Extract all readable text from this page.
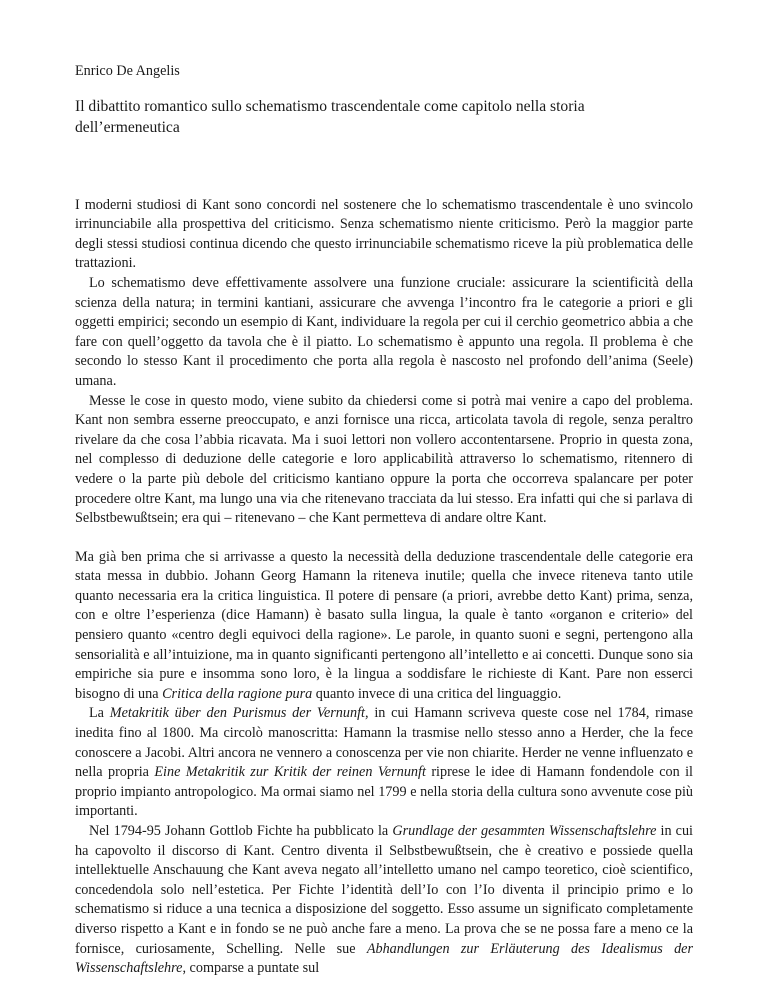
Enrico De Angelis
Il dibattito romantico sullo schematismo trascendentale come capitolo nella storia dell’ermeneutica

I moderni studiosi di Kant sono concordi nel sostenere che lo schematismo trascendentale è uno svincolo irrinunciabile alla prospettiva del criticismo. Senza schematismo niente criticismo. Però la maggior parte degli stessi studiosi continua dicendo che questo irrinunciabile schematismo riceve la più problematica delle trattazioni.

Lo schematismo deve effettivamente assolvere una funzione cruciale: assicurare la scientificità della scienza della natura; in termini kantiani, assicurare che avvenga l’incontro fra le categorie a priori e gli oggetti empirici; secondo un esempio di Kant, individuare la regola per cui il cerchio geometrico abbia a che fare con quell’oggetto da tavola che è il piatto. Lo schematismo è appunto una regola. Il problema è che secondo lo stesso Kant il procedimento che porta alla regola è nascosto nel profondo dell’anima (Seele) umana.

Messe le cose in questo modo, viene subito da chiedersi come si potrà mai venire a capo del problema. Kant non sembra esserne preoccupato, e anzi fornisce una ricca, articolata tavola di regole, senza peraltro rivelare da che cosa l’abbia ricavata. Ma i suoi lettori non vollero accontentarsene. Proprio in questa zona, nel complesso di deduzione delle categorie e loro applicabilità attraverso lo schematismo, ritennero di vedere o la parte più debole del criticismo kantiano oppure la porta che occorreva spalancare per poter procedere oltre Kant, ma lungo una via che ritenevano tracciata da lui stesso. Era infatti qui che si parlava di Selbstbewußtsein; era qui – ritenevano – che Kant permetteva di andare oltre Kant.

Ma già ben prima che si arrivasse a questo la necessità della deduzione trascendentale delle categorie era stata messa in dubbio. Johann Georg Hamann la riteneva inutile; quella che invece riteneva tanto utile quanto necessaria era la critica linguistica. Il potere di pensare (a priori, avrebbe detto Kant) prima, senza, con e oltre l’esperienza (dice Hamann) è basato sulla lingua, la quale è tanto «organon e criterio» del pensiero quanto «centro degli equivoci della ragione». Le parole, in quanto suoni e segni, pertengono alla sensorialità e all’intuizione, ma in quanto significanti pertengono all’intelletto e ai concetti. Dunque sono sia empiriche sia pure e insomma sono loro, è la lingua a soddisfare le richieste di Kant. Pare non esserci bisogno di una Critica della ragione pura quanto invece di una critica del linguaggio.

La Metakritik über den Purismus der Vernunft, in cui Hamann scriveva queste cose nel 1784, rimase inedita fino al 1800. Ma circolò manoscritta: Hamann la trasmise nello stesso anno a Herder, che la fece conoscere a Jacobi. Altri ancora ne vennero a conoscenza per vie non chiarite. Herder ne venne influenzato e nella propria Eine Metakritik zur Kritik der reinen Vernunft riprese le idee di Hamann fondendole con il proprio impianto antropologico. Ma ormai siamo nel 1799 e nella storia della cultura sono avvenute cose più importanti.

Nel 1794-95 Johann Gottlob Fichte ha pubblicato la Grundlage der gesammten Wissenschaftslehre in cui ha capovolto il discorso di Kant. Centro diventa il Selbstbewußtsein, che è creativo e possiede quella intellektuelle Anschauung che Kant aveva negato all’intelletto umano nel campo teoretico, cioè scientifico, concedendola solo nell’estetica. Per Fichte l’identità dell’Io con l’Io diventa il principio primo e lo schematismo si riduce a una tecnica a disposizione del soggetto. Esso assume un significato completamente diverso rispetto a Kant e in fondo se ne può anche fare a meno. La prova che se ne possa fare a meno ce la fornisce, curiosamente, Schelling. Nelle sue Abhandlungen zur Erläuterung des Idealismus der Wissenschaftslehre, comparse a puntate sul
